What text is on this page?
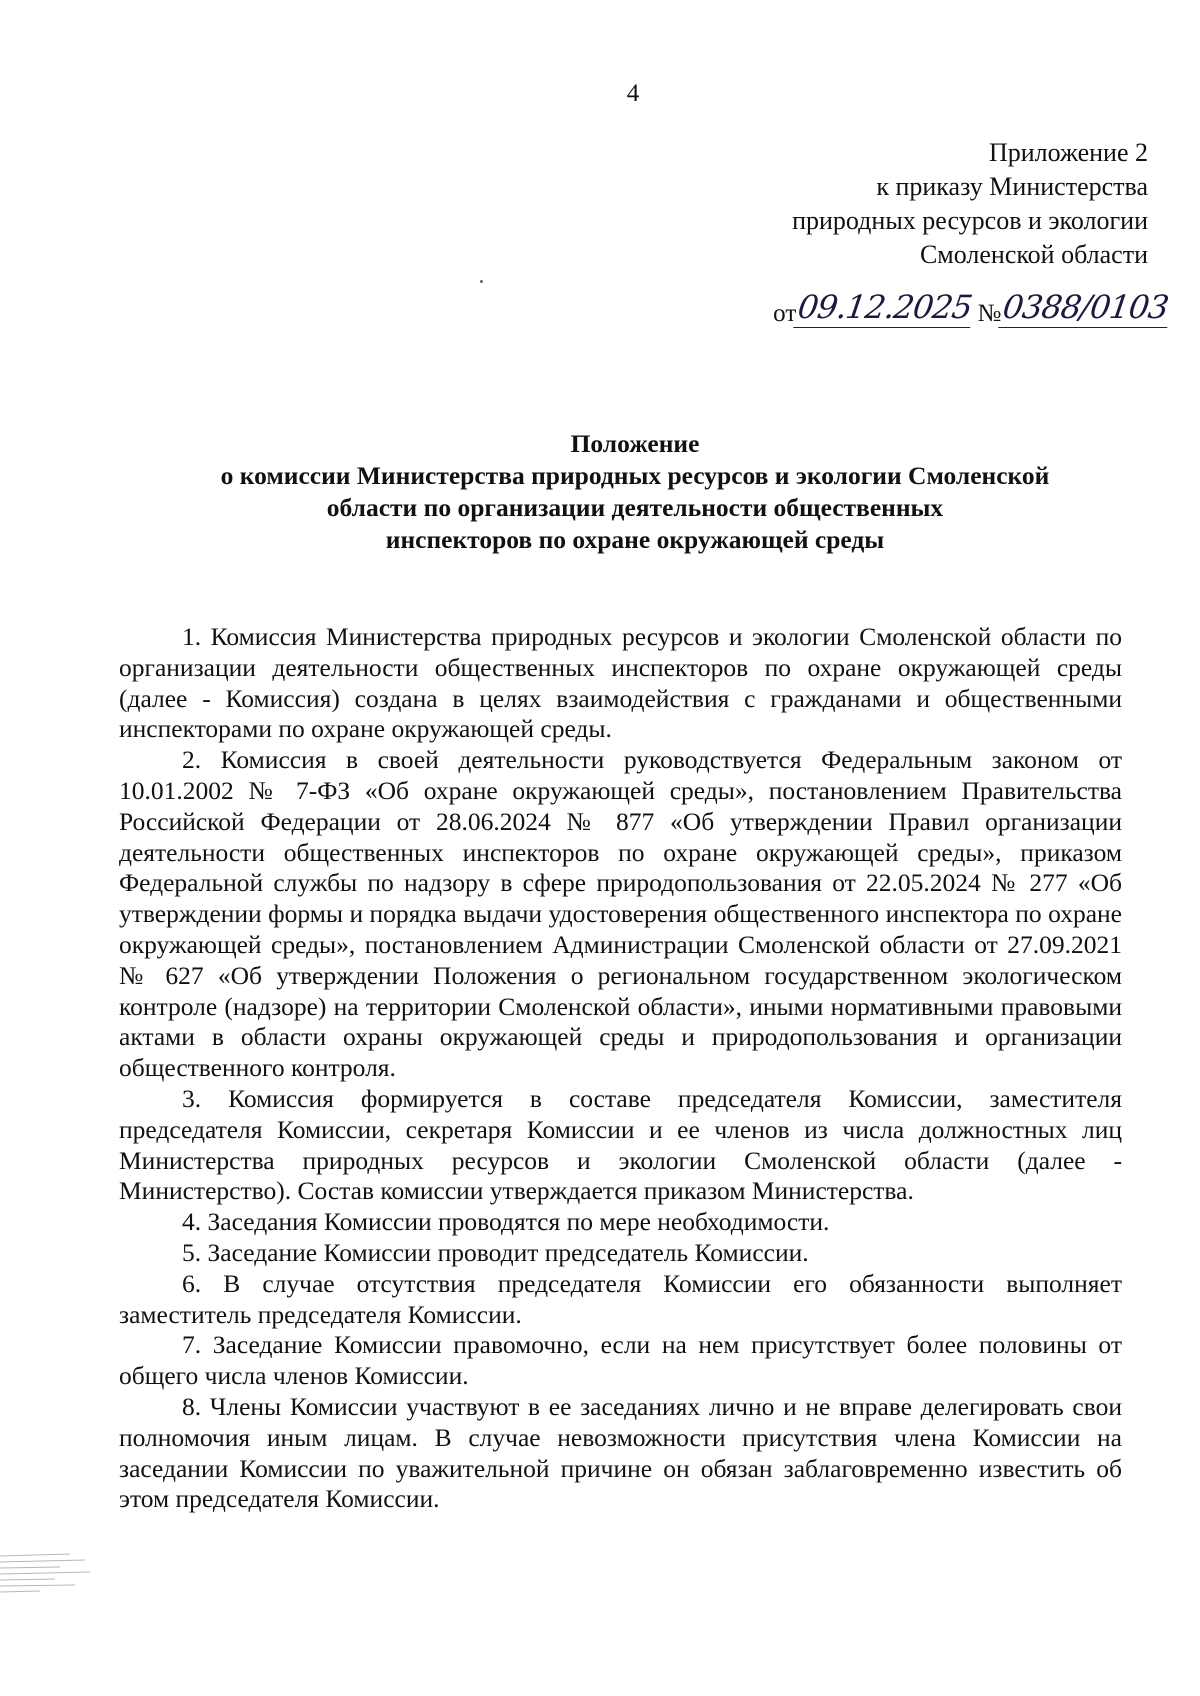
4
Приложение 2
к приказу Министерства
природных ресурсов и экологии
Смоленской области
от 09.12.2025 № 0388/0103
Положение
о комиссии Министерства природных ресурсов и экологии Смоленской
области по организации деятельности общественных
инспекторов по охране окружающей среды

1. Комиссия Министерства природных ресурсов и экологии Смоленской области по организации деятельности общественных инспекторов по охране окружающей среды (далее - Комиссия) создана в целях взаимодействия с гражданами и общественными инспекторами по охране окружающей среды.

2. Комиссия в своей деятельности руководствуется Федеральным законом от 10.01.2002 № 7-ФЗ «Об охране окружающей среды», постановлением Правительства Российской Федерации от 28.06.2024 № 877 «Об утверждении Правил организации деятельности общественных инспекторов по охране окружающей среды», приказом Федеральной службы по надзору в сфере природопользования от 22.05.2024 № 277 «Об утверждении формы и порядка выдачи удостоверения общественного инспектора по охране окружающей среды», постановлением Администрации Смоленской области от 27.09.2021 № 627 «Об утверждении Положения о региональном государственном экологическом контроле (надзоре) на территории Смоленской области», иными нормативными правовыми актами в области охраны окружающей среды и природопользования и организации общественного контроля.

3. Комиссия формируется в составе председателя Комиссии, заместителя председателя Комиссии, секретаря Комиссии и ее членов из числа должностных лиц Министерства природных ресурсов и экологии Смоленской области (далее - Министерство). Состав комиссии утверждается приказом Министерства.

4. Заседания Комиссии проводятся по мере необходимости.

5. Заседание Комиссии проводит председатель Комиссии.

6. В случае отсутствия председателя Комиссии его обязанности выполняет заместитель председателя Комиссии.

7. Заседание Комиссии правомочно, если на нем присутствует более половины от общего числа членов Комиссии.

8. Члены Комиссии участвуют в ее заседаниях лично и не вправе делегировать свои полномочия иным лицам. В случае невозможности присутствия члена Комиссии на заседании Комиссии по уважительной причине он обязан заблаговременно известить об этом председателя Комиссии.
